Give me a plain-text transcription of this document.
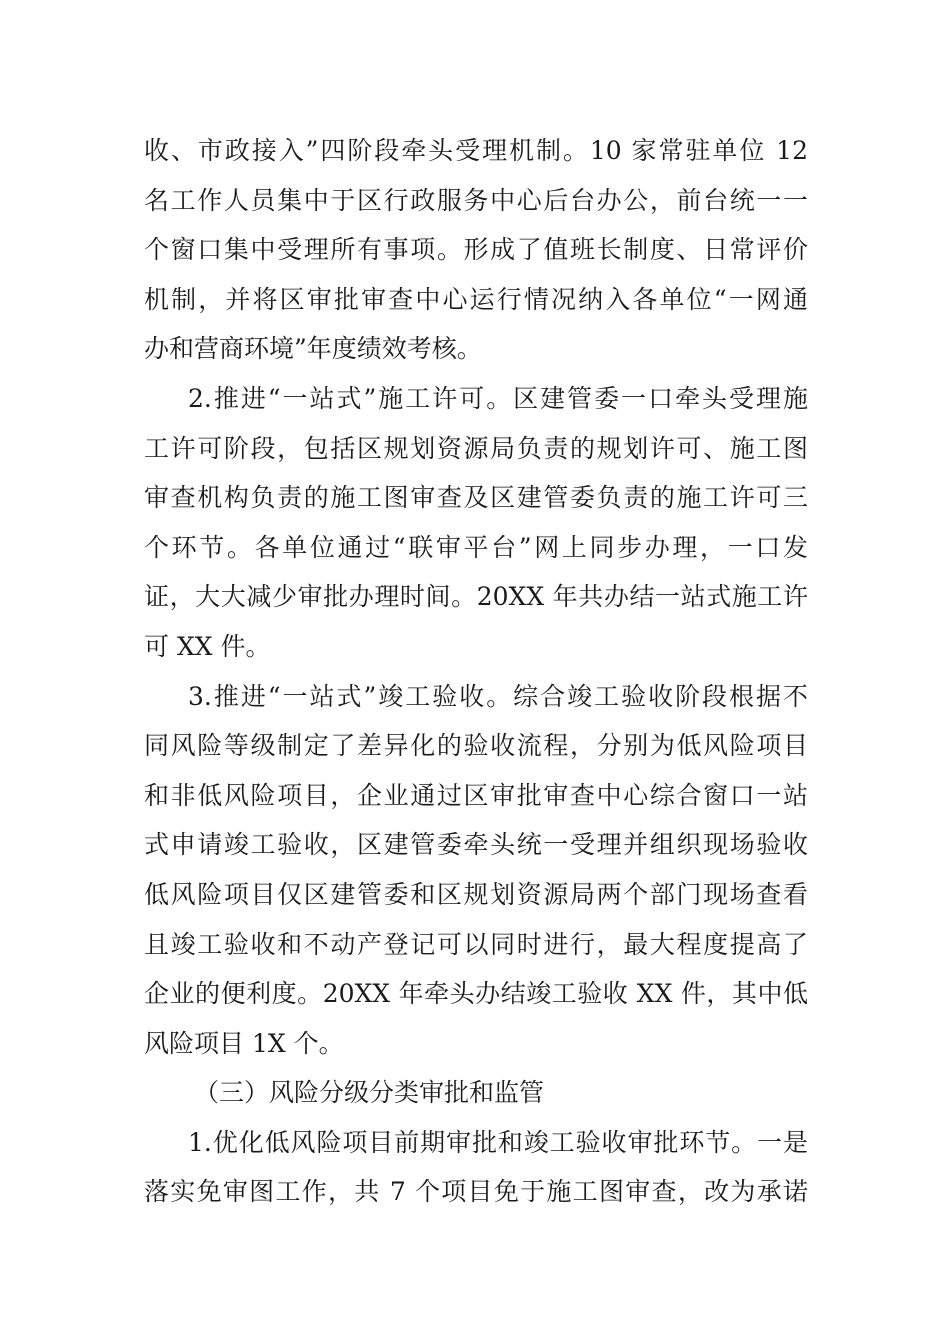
收、市政接入”四阶段牵头受理机制。10 家常驻单位 12
名工作人员集中于区行政服务中心后台办公，前台统一一
个窗口集中受理所有事项。形成了值班长制度、日常评价
机制，并将区审批审查中心运行情况纳入各单位“一网通
办和营商环境”年度绩效考核。
2.推进“一站式”施工许可。区建管委一口牵头受理施
工许可阶段，包括区规划资源局负责的规划许可、施工图
审查机构负责的施工图审查及区建管委负责的施工许可三
个环节。各单位通过“联审平台”网上同步办理，一口发
证，大大减少审批办理时间。20XX 年共办结一站式施工许
可 XX 件。
3.推进“一站式”竣工验收。综合竣工验收阶段根据不
同风险等级制定了差异化的验收流程，分别为低风险项目
和非低风险项目，企业通过区审批审查中心综合窗口一站
式申请竣工验收，区建管委牵头统一受理并组织现场验收
低风险项目仅区建管委和区规划资源局两个部门现场查看
且竣工验收和不动产登记可以同时进行，最大程度提高了
企业的便利度。20XX 年牵头办结竣工验收 XX 件，其中低
风险项目 1X 个。
（三）风险分级分类审批和监管
1.优化低风险项目前期审批和竣工验收审批环节。一是
落实免审图工作，共 7 个项目免于施工图审查，改为承诺
